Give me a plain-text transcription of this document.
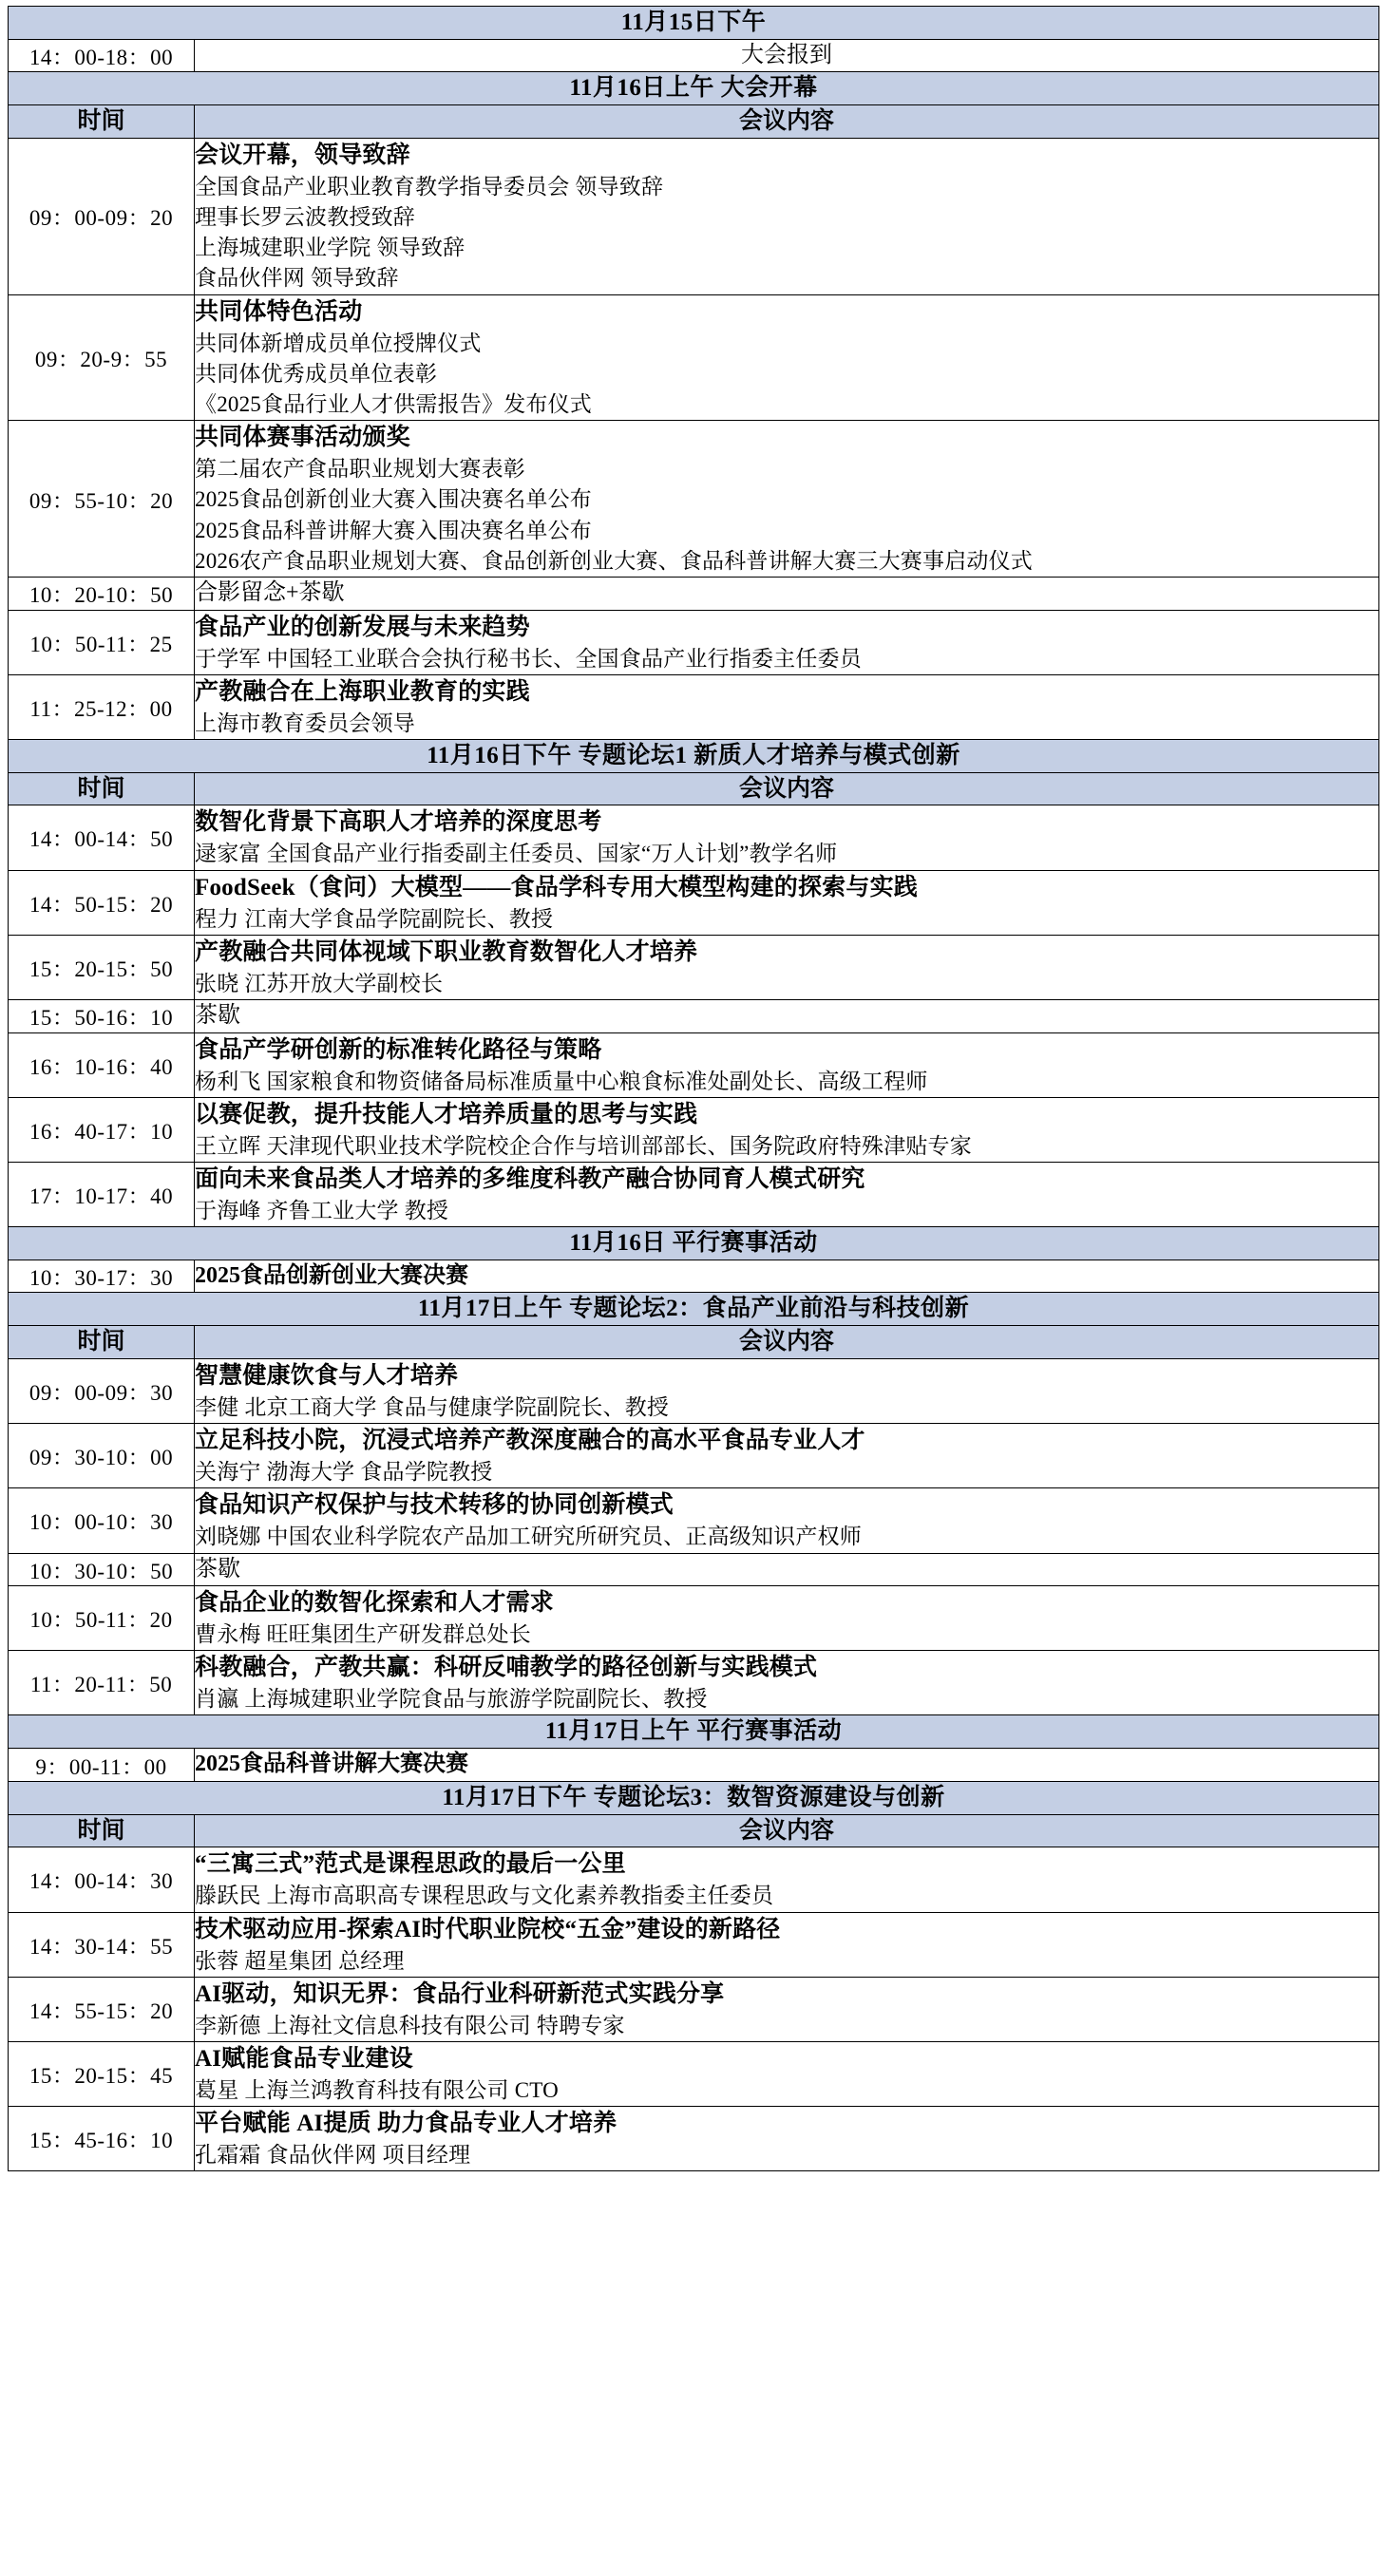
11月15日下午	
14：00-18：00	大会报到

11月16日上午 大会开幕	
时间	会议内容
09：00-09：20	会议开幕，领导致辞
全国食品产业职业教育教学指导委员会 领导致辞
理事长罗云波教授致辞
上海城建职业学院 领导致辞
食品伙伴网 领导致辞

09：20-9：55	共同体特色活动
共同体新增成员单位授牌仪式
共同体优秀成员单位表彰
《2025食品行业人才供需报告》发布仪式

09：55-10：20	共同体赛事活动颁奖
第二届农产食品职业规划大赛表彰
2025食品创新创业大赛入围决赛名单公布
2025食品科普讲解大赛入围决赛名单公布
2026农产食品职业规划大赛、食品创新创业大赛、食品科普讲解大赛三大赛事启动仪式

10：20-10：50	合影留念+茶歇

10：50-11：25	食品产业的创新发展与未来趋势
于学军 中国轻工业联合会执行秘书长、全国食品产业行指委主任委员

11：25-12：00	产教融合在上海职业教育的实践
上海市教育委员会领导

11月16日下午 专题论坛1 新质人才培养与模式创新	
时间	会议内容
14：00-14：50	数智化背景下高职人才培养的深度思考
逯家富 全国食品产业行指委副主任委员、国家“万人计划”教学名师

14：50-15：20	FoodSeek（食问）大模型——食品学科专用大模型构建的探索与实践
程力 江南大学食品学院副院长、教授

15：20-15：50	产教融合共同体视域下职业教育数智化人才培养
张晓 江苏开放大学副校长

15：50-16：10	茶歇

16：10-16：40	食品产学研创新的标准转化路径与策略
杨利飞 国家粮食和物资储备局标准质量中心粮食标准处副处长、高级工程师

16：40-17：10	以赛促教，提升技能人才培养质量的思考与实践
王立晖 天津现代职业技术学院校企合作与培训部部长、国务院政府特殊津贴专家

17：10-17：40	面向未来食品类人才培养的多维度科教产融合协同育人模式研究
于海峰 齐鲁工业大学 教授

11月16日 平行赛事活动	
10：30-17：30	2025食品创新创业大赛决赛

11月17日上午 专题论坛2：食品产业前沿与科技创新	
时间	会议内容
09：00-09：30	智慧健康饮食与人才培养
李健 北京工商大学 食品与健康学院副院长、教授

09：30-10：00	立足科技小院，沉浸式培养产教深度融合的高水平食品专业人才
关海宁 渤海大学 食品学院教授

10：00-10：30	食品知识产权保护与技术转移的协同创新模式
刘晓娜 中国农业科学院农产品加工研究所研究员、正高级知识产权师

10：30-10：50	茶歇

10：50-11：20	食品企业的数智化探索和人才需求
曹永梅 旺旺集团生产研发群总处长

11：20-11：50	科教融合，产教共赢：科研反哺教学的路径创新与实践模式
肖瀛 上海城建职业学院食品与旅游学院副院长、教授

11月17日上午 平行赛事活动	
9：00-11：00	2025食品科普讲解大赛决赛

11月17日下午 专题论坛3：数智资源建设与创新	
时间	会议内容
14：00-14：30	“三寓三式”范式是课程思政的最后一公里
滕跃民 上海市高职高专课程思政与文化素养教指委主任委员

14：30-14：55	技术驱动应用-探索AI时代职业院校“五金”建设的新路径
张蓉 超星集团 总经理

14：55-15：20	AI驱动，知识无界：食品行业科研新范式实践分享
李新德 上海社文信息科技有限公司 特聘专家

15：20-15：45	AI赋能食品专业建设
葛星 上海兰鸿教育科技有限公司 CTO

15：45-16：10	平台赋能 AI提质 助力食品专业人才培养
孔霜霜 食品伙伴网 项目经理
